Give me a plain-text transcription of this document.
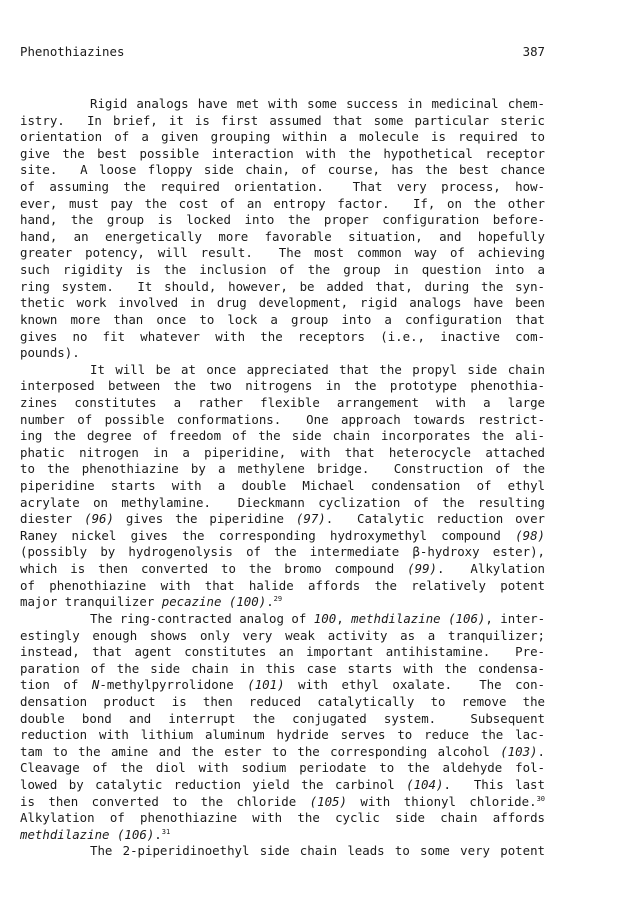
Phenothiazines	387
Rigid analogs have met with some success in medicinal chem-
istry.  In brief, it is first assumed that some particular steric
orientation of a given grouping within a molecule is required to
give the best possible interaction with the hypothetical receptor
site.  A loose floppy side chain, of course, has the best chance
of assuming the required orientation.  That very process, how-
ever, must pay the cost of an entropy factor.  If, on the other
hand, the group is locked into the proper configuration before-
hand, an energetically more favorable situation, and hopefully
greater potency, will result.  The most common way of achieving
such rigidity is the inclusion of the group in question into a
ring system.  It should, however, be added that, during the syn-
thetic work involved in drug development, rigid analogs have been
known more than once to lock a group into a configuration that
gives no fit whatever with the receptors (i.e., inactive com-
pounds).
It will be at once appreciated that the propyl side chain
interposed between the two nitrogens in the prototype phenothia-
zines constitutes a rather flexible arrangement with a large
number of possible conformations.  One approach towards restrict-
ing the degree of freedom of the side chain incorporates the ali-
phatic nitrogen in a piperidine, with that heterocycle attached
to the phenothiazine by a methylene bridge.  Construction of the
piperidine starts with a double Michael condensation of ethyl
acrylate on methylamine.  Dieckmann cyclization of the resulting
diester (96) gives the piperidine (97).  Catalytic reduction over
Raney nickel gives the corresponding hydroxymethyl compound (98)
(possibly by hydrogenolysis of the intermediate β-hydroxy ester),
which is then converted to the bromo compound (99).  Alkylation
of phenothiazine with that halide affords the relatively potent
major tranquilizer pecazine (100).$^{29}$
The ring-contracted analog of 100, methdilazine (106), inter-
estingly enough shows only very weak activity as a tranquilizer;
instead, that agent constitutes an important antihistamine.  Pre-
paration of the side chain in this case starts with the condensa-
tion of N-methylpyrrolidone (101) with ethyl oxalate.  The con-
densation product is then reduced catalytically to remove the
double bond and interrupt the conjugated system.  Subsequent
reduction with lithium aluminum hydride serves to reduce the lac-
tam to the amine and the ester to the corresponding alcohol (103).
Cleavage of the diol with sodium periodate to the aldehyde fol-
lowed by catalytic reduction yield the carbinol (104).  This last
is then converted to the chloride (105) with thionyl chloride.$^{30}$
Alkylation of phenothiazine with the cyclic side chain affords
methdilazine (106).$^{31}$
The 2-piperidinoethyl side chain leads to some very potent
